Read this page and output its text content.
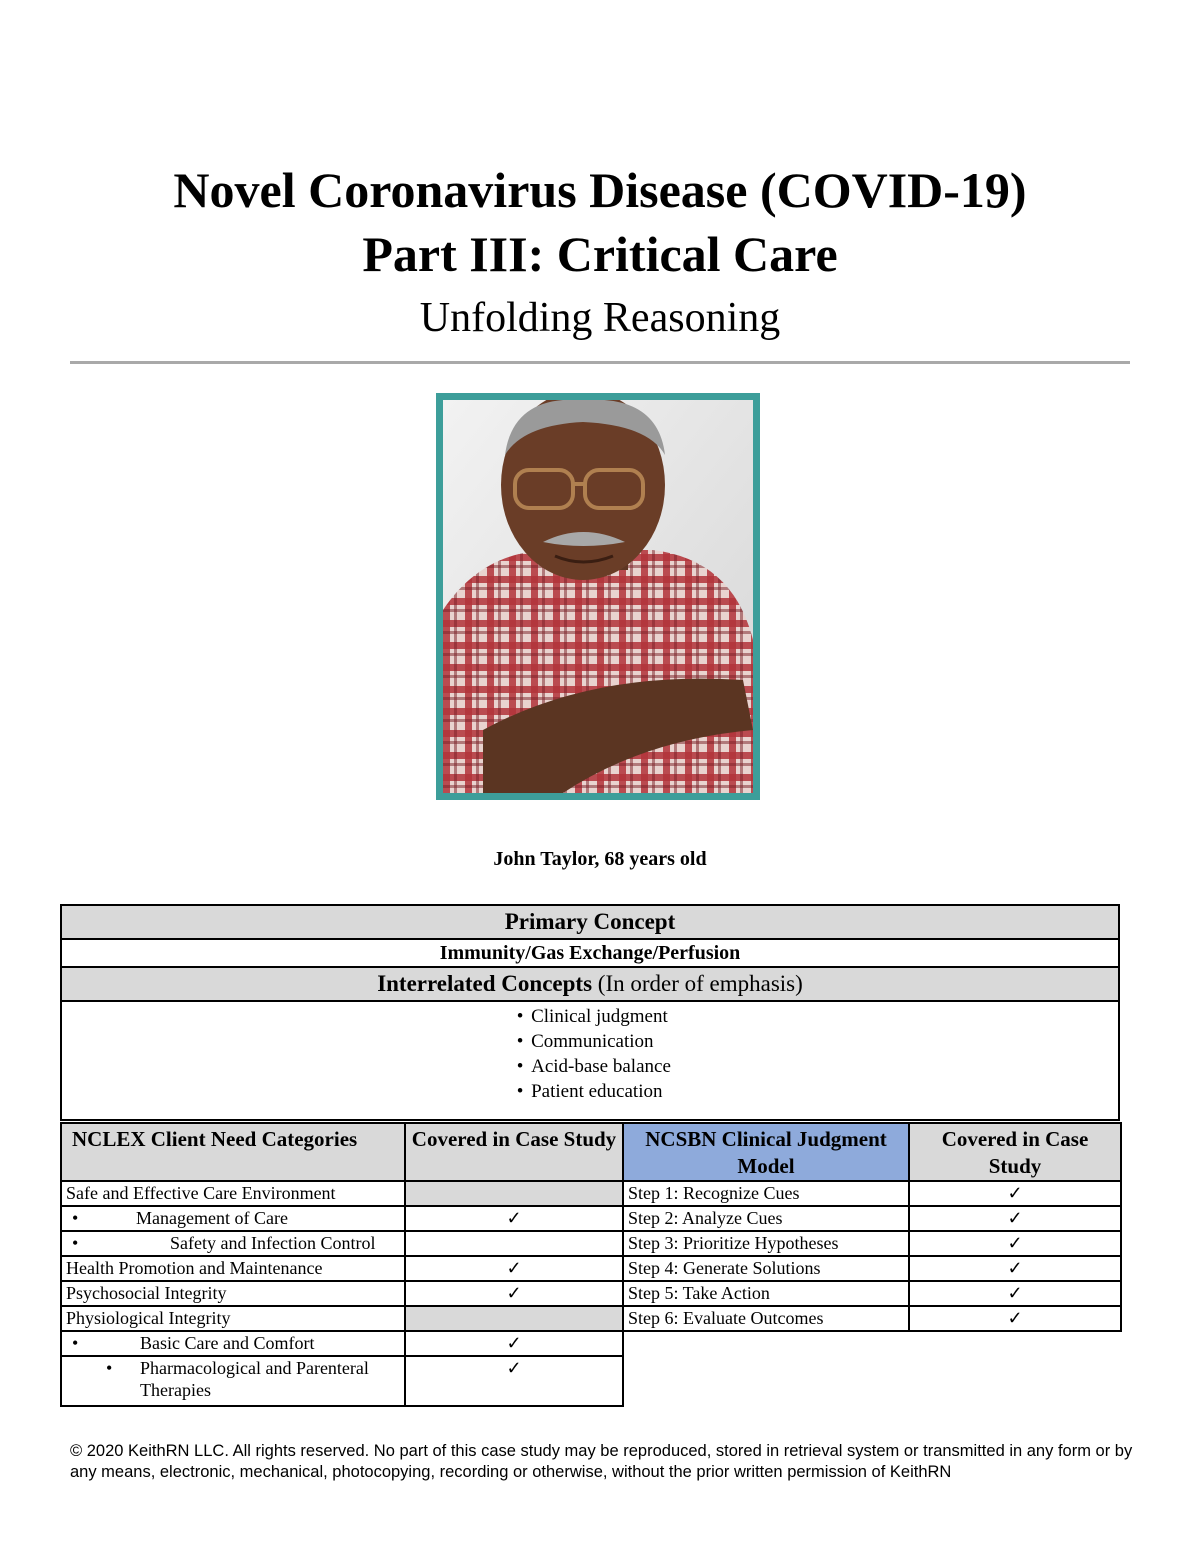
Novel Coronavirus Disease (COVID-19)

Part III: Critical Care

Unfolding Reasoning

John Taylor, 68 years old
Primary Concept
Immunity/Gas Exchange/Perfusion
Interrelated Concepts (In order of emphasis)

• Clinical judgment
• Communication
• Acid-base balance
• Patient education
NCLEX Client Need Categories	Covered in Case Study	NCSBN Clinical Judgment Model	Covered in Case Study
Safe and Effective Care Environment		Step 1: Recognize Cues	✓
• Management of Care	✓	Step 2: Analyze Cues	✓
• Safety and Infection Control		Step 3: Prioritize Hypotheses	✓
Health Promotion and Maintenance	✓	Step 4: Generate Solutions	✓
Psychosocial Integrity	✓	Step 5: Take Action	✓
Physiological Integrity		Step 6: Evaluate Outcomes	✓
• Basic Care and Comfort	✓		

• Pharmacological and Parenteral Therapies	✓		
© 2020 KeithRN LLC. All rights reserved. No part of this case study may be reproduced, stored in retrieval system or transmitted in any form or by any means, electronic, mechanical, photocopying, recording or otherwise, without the prior written permission of KeithRN
